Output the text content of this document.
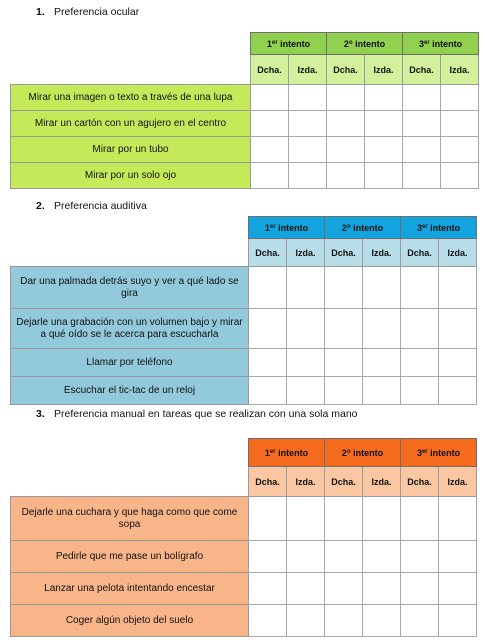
1. Preferencia ocular
	1er intento		2$^o$ intento		3er intento	
	Dcha.	Izda.	Dcha.	Izda.	Dcha.	Izda.
Mirar una imagen o texto a través de una lupa						
Mirar un cartón con un agujero en el centro						
Mirar por un tubo						
Mirar por un solo ojo						
2. Preferencia auditiva
	1er intento		2$^o$ intento		3er intento	
	Dcha.	Izda.	Dcha.	Izda.	Dcha.	Izda.
Dar una palmada detrás suyo y ver a qué lado se gira						
Dejarle una grabación con un volumen bajo y mirar a qué oído se le acerca para escucharla						
Llamar por teléfono						
Escuchar el tic-tac de un reloj						
3. Preferencia manual en tareas que se realizan con una sola mano
	1er intento		2$^o$ intento		3er intento	
	Dcha.	Izda.	Dcha.	Izda.	Dcha.	Izda.
Dejarle una cuchara y que haga como que come sopa						
Pedirle que me pase un bolígrafo						
Lanzar una pelota intentando encestar						
Coger algún objeto del suelo						
